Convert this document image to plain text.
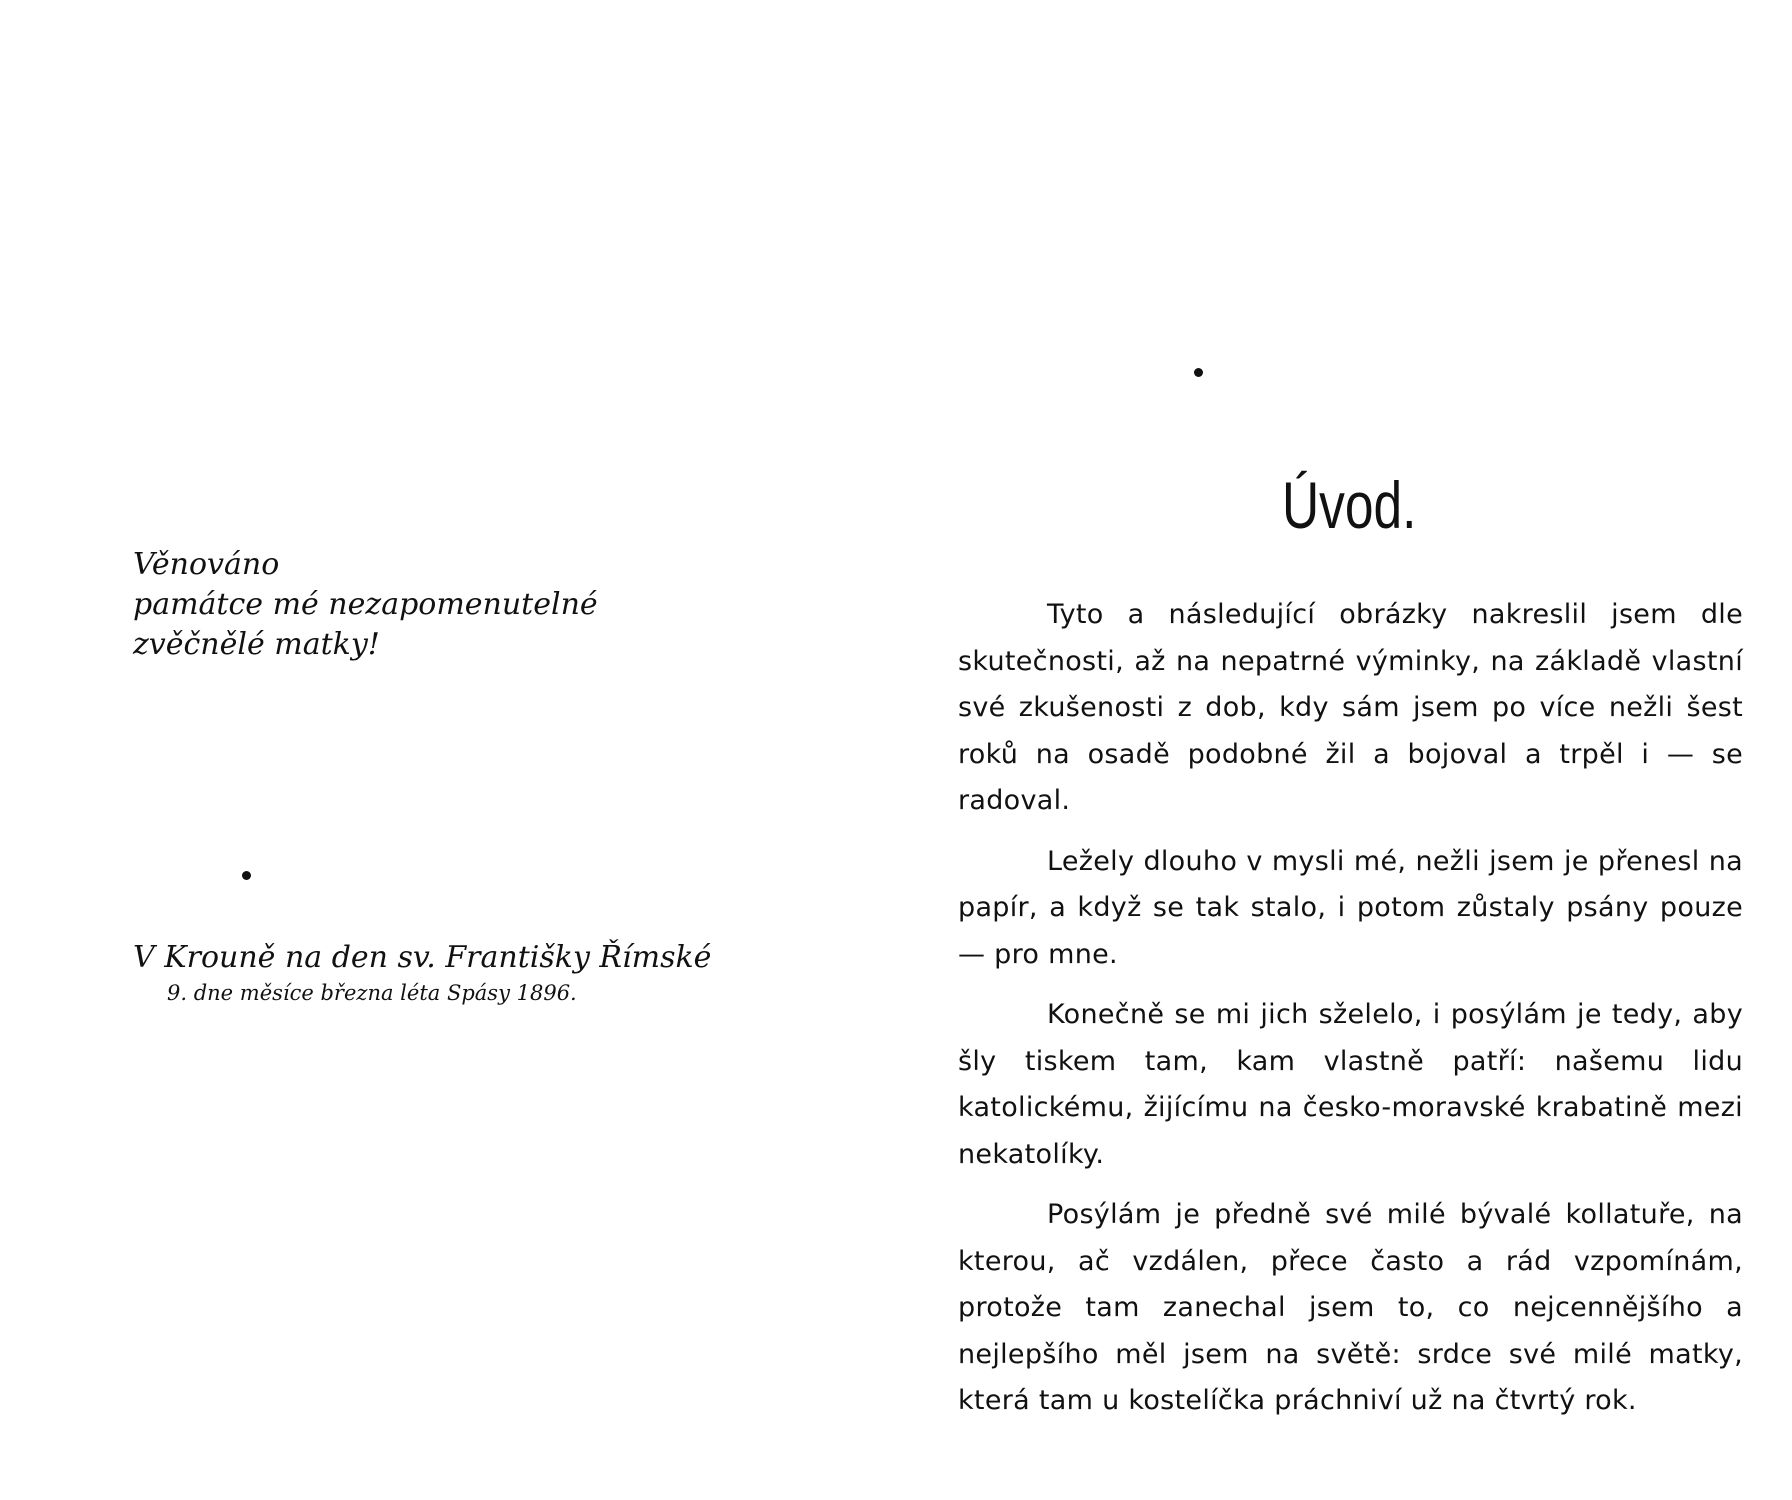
Věnováno
památce mé nezapomenutelné
zvěčnělé matky!
V Krouně na den sv. Františky Římské
9. dne měsíce března léta Spásy 1896.
Úvod.

Tyto a následující obrázky nakreslil jsem dle skutečnosti, až na nepatrné výminky, na základě vlastní své zkušenosti z dob, kdy sám jsem po více nežli šest roků na osadě podobné žil a bojoval a trpěl i — se radoval.

Ležely dlouho v mysli mé, nežli jsem je přenesl na papír, a když se tak stalo, i potom zůstaly psány pouze — pro mne.

Konečně se mi jich sželelo, i posýlám je tedy, aby šly tiskem tam, kam vlastně patří: našemu lidu katolickému, žijícímu na česko-moravské krabatině mezi nekatolíky.

Posýlám je předně své milé bývalé kollatuře, na kterou, ač vzdálen, přece často a rád vzpomínám, protože tam zanechal jsem to, co nejcennějšího a nejlepšího měl jsem na světě: srdce své milé matky, která tam u kostelíčka práchniví už na čtvrtý rok.
